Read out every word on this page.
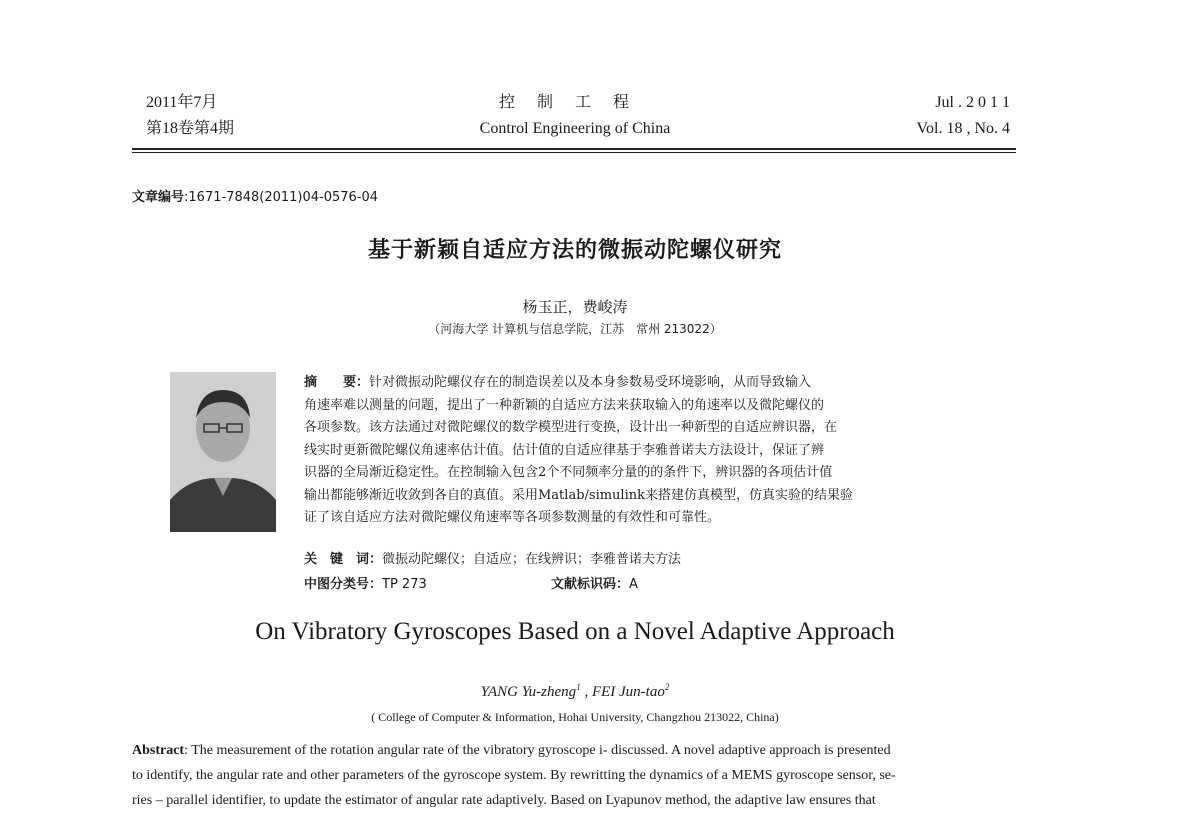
2011年7月
第18卷第4期
控制工程
Control Engineering of China
Jul . 2 0 1 1
Vol. 18 , No. 4
文章编号:1671-7848(2011)04-0576-04
基于新颖自适应方法的微振动陀螺仪研究
杨玉正，费峻涛
（河海大学 计算机与信息学院，江苏　常州 213022）
摘　　要：针对微振动陀螺仪存在的制造误差以及本身参数易受环境影响，从而导致输入
角速率难以测量的问题，提出了一种新颖的自适应方法来获取输入的角速率以及微陀螺仪的
各项参数。该方法通过对微陀螺仪的数学模型进行变换，设计出一种新型的自适应辨识器，在
线实时更新微陀螺仪角速率估计值。估计值的自适应律基于李雅普诺夫方法设计，保证了辨
识器的全局渐近稳定性。在控制输入包含2个不同频率分量的的条件下，辨识器的各项估计值
输出都能够渐近收敛到各自的真值。采用Matlab/simulink来搭建仿真模型，仿真实验的结果验
证了该自适应方法对微陀螺仪角速率等各项参数测量的有效性和可靠性。
关　键　词：微振动陀螺仪；自适应；在线辨识；李雅普诺夫方法
中图分类号：TP 273	文献标识码：A
On Vibratory Gyroscopes Based on a Novel Adaptive Approach
YANG Yu-zheng$^1$ , FEI Jun-tao$^2$
( College of Computer & Information, Hohai University, Changzhou 213022, China)
Abstract: The measurement of the rotation angular rate of the vibratory gyroscope i- discussed. A novel adaptive approach is presented
to identify, the angular rate and other parameters of the gyroscope system. By rewritting the dynamics of a MEMS gyroscope sensor, se-
ries – parallel identifier, to update the estimator of angular rate adaptively. Based on Lyapunov method, the adaptive law ensures that
